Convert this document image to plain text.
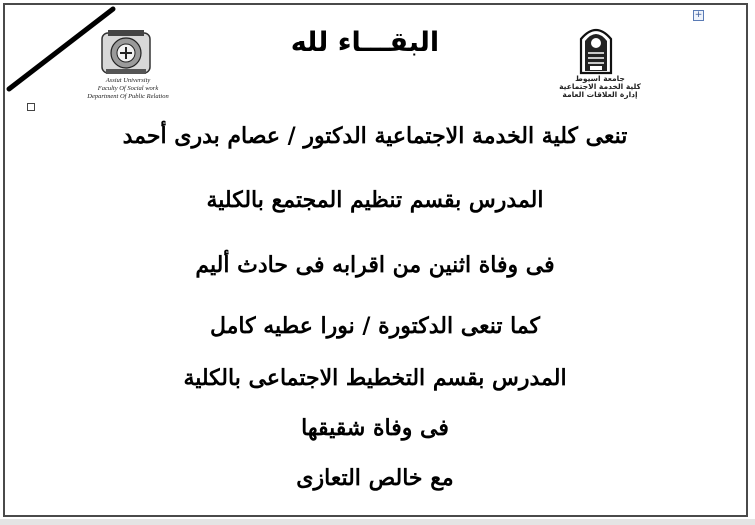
+
Assiut University
Faculty Of Social work
Department Of Public Relation
جامعة اسيوط
كلية الخدمة الاجتماعية
إدارة العلاقات العامة
البقـــاء لله
تنعى كلية الخدمة الاجتماعية الدكتور / عصام بدرى أحمد
المدرس بقسم تنظيم المجتمع بالكلية
فى وفاة اثنين من اقرابه فى حادث أليم
كما تنعى الدكتورة / نورا عطيه كامل
المدرس بقسم التخطيط الاجتماعى بالكلية
فى وفاة شقيقها
مع خالص التعازى
